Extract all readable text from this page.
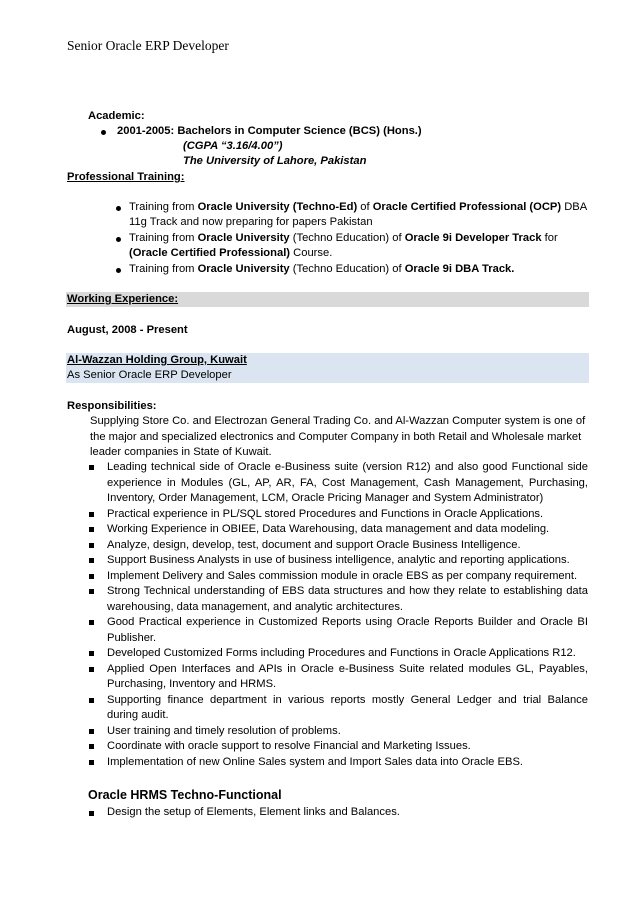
Senior Oracle ERP Developer
Academic:
2001-2005: Bachelors in Computer Science (BCS) (Hons.)
(CGPA “3.16/4.00”)
The University of Lahore, Pakistan
Professional Training:
Training from Oracle University (Techno-Ed) of Oracle Certified Professional (OCP) DBA
11g Track and now preparing for papers Pakistan
Training from Oracle University (Techno Education) of Oracle 9i Developer Track for
(Oracle Certified Professional) Course.
Training from Oracle University (Techno Education) of Oracle 9i DBA Track.
Working Experience:
August, 2008 - Present
Al-Wazzan Holding Group, Kuwait
As Senior Oracle ERP Developer
Responsibilities:
Supplying Store Co. and Electrozan General Trading Co. and Al-Wazzan Computer system is one of
the major and specialized electronics and Computer Company in both Retail and Wholesale market
leader companies in State of Kuwait.
Leading technical side of Oracle e-Business suite (version R12) and also good Functional side
experience in Modules (GL, AP, AR, FA, Cost Management, Cash Management, Purchasing,
Inventory, Order Management, LCM, Oracle Pricing Manager and System Administrator)
Practical experience in PL/SQL stored Procedures and Functions in Oracle Applications.
Working Experience in OBIEE, Data Warehousing, data management and data modeling.
Analyze, design, develop, test, document and support Oracle Business Intelligence.
Support Business Analysts in use of business intelligence, analytic and reporting applications.
Implement Delivery and Sales commission module in oracle EBS as per company requirement.
Strong Technical understanding of EBS data structures and how they relate to establishing data
warehousing, data management, and analytic architectures.
Good Practical experience in Customized Reports using Oracle Reports Builder and Oracle BI
Publisher.
Developed Customized Forms including Procedures and Functions in Oracle Applications R12.
Applied Open Interfaces and APIs in Oracle e-Business Suite related modules GL, Payables,
Purchasing, Inventory and HRMS.
Supporting finance department in various reports mostly General Ledger and trial Balance
during audit.
User training and timely resolution of problems.
Coordinate with oracle support to resolve Financial and Marketing Issues.
Implementation of new Online Sales system and Import Sales data into Oracle EBS.
Oracle HRMS Techno-Functional
Design the setup of Elements, Element links and Balances.
